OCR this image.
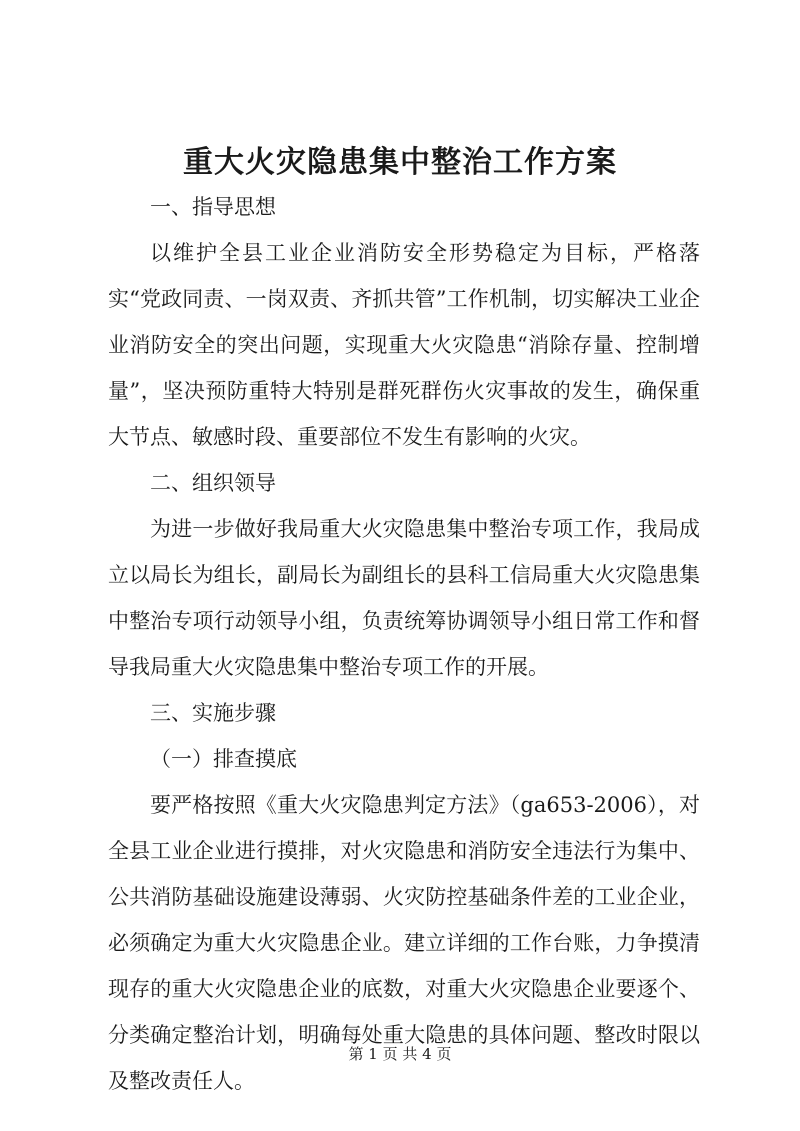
重大火灾隐患集中整治工作方案

一、指导思想

以维护全县工业企业消防安全形势稳定为目标，严格落实“党政同责、一岗双责、齐抓共管”工作机制，切实解决工业企业消防安全的突出问题，实现重大火灾隐患“消除存量、控制增量”，坚决预防重特大特别是群死群伤火灾事故的发生，确保重大节点、敏感时段、重要部位不发生有影响的火灾。

二、组织领导

为进一步做好我局重大火灾隐患集中整治专项工作，我局成立以局长为组长，副局长为副组长的县科工信局重大火灾隐患集中整治专项行动领导小组，负责统筹协调领导小组日常工作和督导我局重大火灾隐患集中整治专项工作的开展。

三、实施步骤

（一）排查摸底

要严格按照《重大火灾隐患判定方法》（ga653-2006），对全县工业企业进行摸排，对火灾隐患和消防安全违法行为集中、公共消防基础设施建设薄弱、火灾防控基础条件差的工业企业，必须确定为重大火灾隐患企业。建立详细的工作台账，力争摸清现存的重大火灾隐患企业的底数，对重大火灾隐患企业要逐个、分类确定整治计划，明确每处重大隐患的具体问题、整改时限以及整改责任人。

第 1 页 共 4 页
